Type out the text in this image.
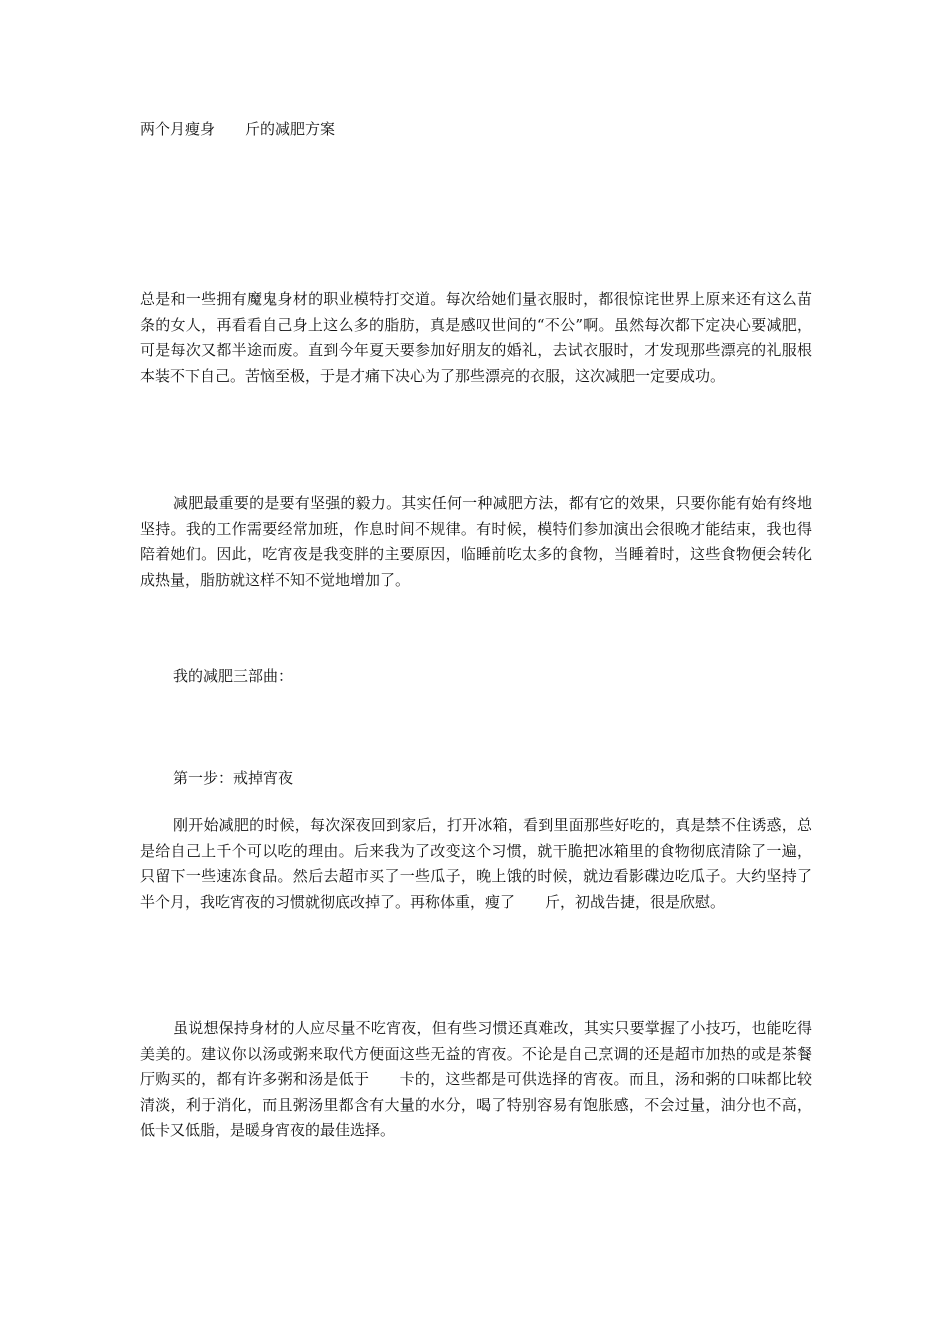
两个月瘦身 斤的减肥方案

总是和一些拥有魔鬼身材的职业模特打交道。每次给她们量衣服时，都很惊诧世界上原来还有这么苗条的女人，再看看自己身上这么多的脂肪，真是感叹世间的“不公”啊。虽然每次都下定决心要减肥，可是每次又都半途而废。直到今年夏天要参加好朋友的婚礼，去试衣服时，才发现那些漂亮的礼服根本装不下自己。苦恼至极，于是才痛下决心为了那些漂亮的衣服，这次减肥一定要成功。

减肥最重要的是要有坚强的毅力。其实任何一种减肥方法，都有它的效果，只要你能有始有终地坚持。我的工作需要经常加班，作息时间不规律。有时候，模特们参加演出会很晚才能结束，我也得陪着她们。因此，吃宵夜是我变胖的主要原因，临睡前吃太多的食物，当睡着时，这些食物便会转化成热量，脂肪就这样不知不觉地增加了。

我的减肥三部曲：

第一步：戒掉宵夜

刚开始减肥的时候，每次深夜回到家后，打开冰箱，看到里面那些好吃的，真是禁不住诱惑，总是给自己上千个可以吃的理由。后来我为了改变这个习惯，就干脆把冰箱里的食物彻底清除了一遍，只留下一些速冻食品。然后去超市买了一些瓜子，晚上饿的时候，就边看影碟边吃瓜子。大约坚持了半个月，我吃宵夜的习惯就彻底改掉了。再称体重，瘦了 斤，初战告捷，很是欣慰。

虽说想保持身材的人应尽量不吃宵夜，但有些习惯还真难改，其实只要掌握了小技巧，也能吃得美美的。建议你以汤或粥来取代方便面这些无益的宵夜。不论是自己烹调的还是超市加热的或是茶餐厅购买的，都有许多粥和汤是低于 卡的，这些都是可供选择的宵夜。而且，汤和粥的口味都比较清淡，利于消化，而且粥汤里都含有大量的水分，喝了特别容易有饱胀感，不会过量，油分也不高，低卡又低脂，是暖身宵夜的最佳选择。
